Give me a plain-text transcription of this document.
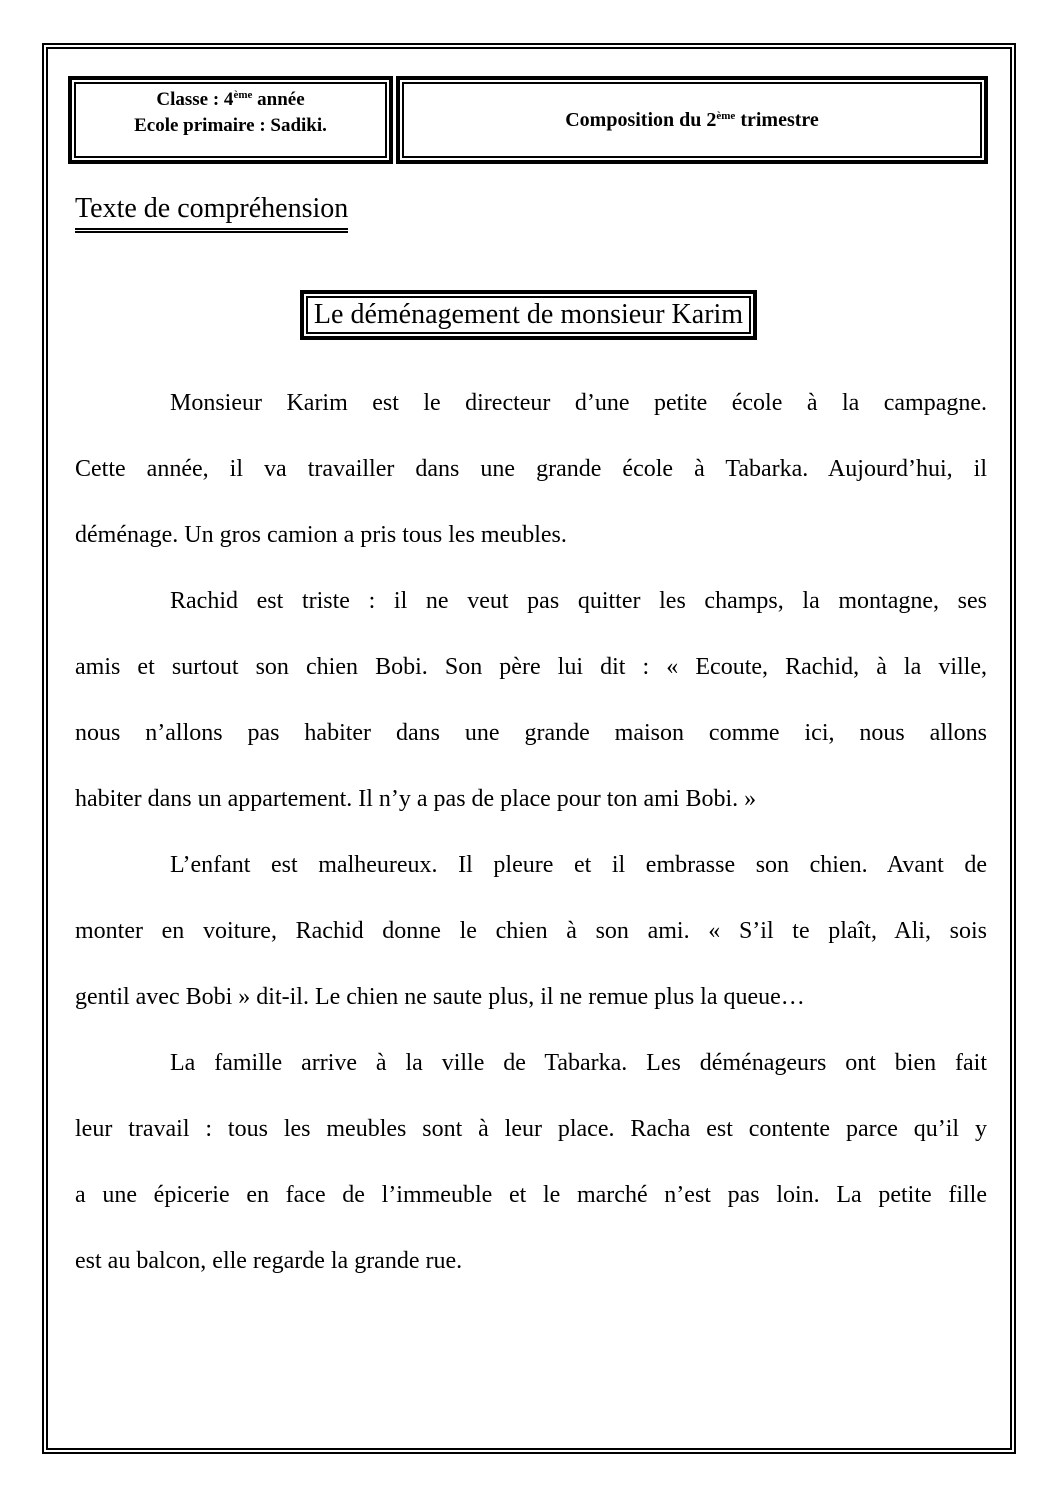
Classe : 4ème année
Ecole primaire : Sadiki.	Composition du 2ème trimestre
Texte de compréhension
Le déménagement de monsieur Karim
Monsieur Karim est le directeur d’une petite école à la campagne.
Cette année, il va travailler dans une grande école à Tabarka. Aujourd’hui, il
déménage. Un gros camion a pris tous les meubles.
Rachid est triste : il ne veut pas quitter les champs, la montagne, ses
amis et surtout son chien Bobi. Son père lui dit : « Ecoute, Rachid, à la ville,
nous n’allons pas habiter dans une grande maison comme ici, nous allons
habiter dans un appartement. Il n’y a pas de place pour ton ami Bobi. »
L’enfant est malheureux. Il pleure et il embrasse son chien. Avant de
monter en voiture, Rachid donne le chien à son ami. « S’il te plaît, Ali, sois
gentil avec Bobi » dit-il. Le chien ne saute plus, il ne remue plus la queue…
La famille arrive à la ville de Tabarka. Les déménageurs ont bien fait
leur travail : tous les meubles sont à leur place. Racha est contente parce qu’il y
a une épicerie en face de l’immeuble et le marché n’est pas loin. La petite fille
est au balcon, elle regarde la grande rue.
